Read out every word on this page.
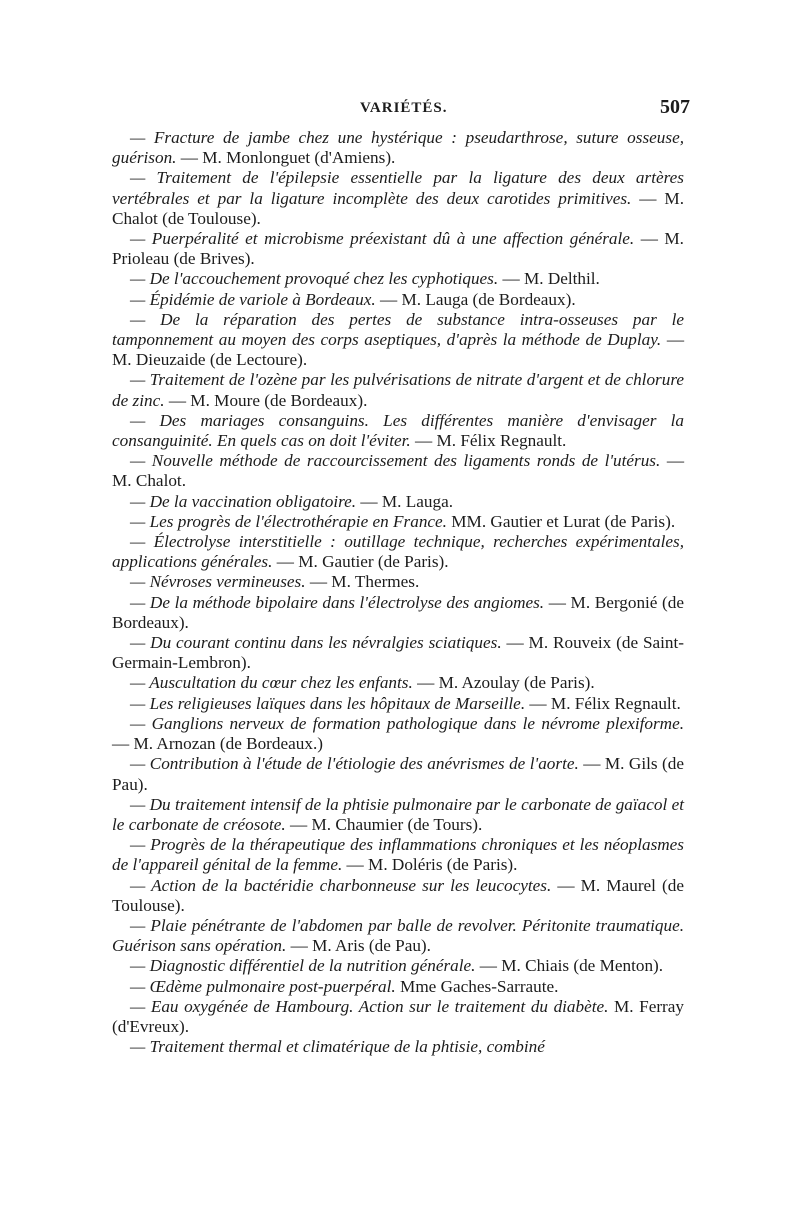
VARIÉTÉS.	507

— Fracture de jambe chez une hystérique : pseudarthrose, suture osseuse, guérison. — M. Monlonguet (d'Amiens).

— Traitement de l'épilepsie essentielle par la ligature des deux artères vertébrales et par la ligature incomplète des deux carotides primitives. — M. Chalot (de Toulouse).

— Puerpéralité et microbisme préexistant dû à une affection générale. — M. Prioleau (de Brives).

— De l'accouchement provoqué chez les cyphotiques. — M. Delthil.

— Épidémie de variole à Bordeaux. — M. Lauga (de Bordeaux).

— De la réparation des pertes de substance intra-osseuses par le tamponnement au moyen des corps aseptiques, d'après la méthode de Duplay. — M. Dieuzaide (de Lectoure).

— Traitement de l'ozène par les pulvérisations de nitrate d'argent et de chlorure de zinc. — M. Moure (de Bordeaux).

— Des mariages consanguins. Les différentes manière d'envisager la consanguinité. En quels cas on doit l'éviter. — M. Félix Regnault.

— Nouvelle méthode de raccourcissement des ligaments ronds de l'utérus. — M. Chalot.

— De la vaccination obligatoire. — M. Lauga.

— Les progrès de l'électrothérapie en France. MM. Gautier et Lurat (de Paris).

— Électrolyse interstitielle : outillage technique, recherches expérimentales, applications générales. — M. Gautier (de Paris).

— Névroses vermineuses. — M. Thermes.

— De la méthode bipolaire dans l'électrolyse des angiomes. — M. Bergonié (de Bordeaux).

— Du courant continu dans les névralgies sciatiques. — M. Rouveix (de Saint-Germain-Lembron).

— Auscultation du cœur chez les enfants. — M. Azoulay (de Paris).

— Les religieuses laïques dans les hôpitaux de Marseille. — M. Félix Regnault.

— Ganglions nerveux de formation pathologique dans le névrome plexiforme. — M. Arnozan (de Bordeaux.)

— Contribution à l'étude de l'étiologie des anévrismes de l'aorte. — M. Gils (de Pau).

— Du traitement intensif de la phtisie pulmonaire par le carbonate de gaïacol et le carbonate de créosote. — M. Chaumier (de Tours).

— Progrès de la thérapeutique des inflammations chroniques et les néoplasmes de l'appareil génital de la femme. — M. Doléris (de Paris).

— Action de la bactéridie charbonneuse sur les leucocytes. — M. Maurel (de Toulouse).

— Plaie pénétrante de l'abdomen par balle de revolver. Péritonite traumatique. Guérison sans opération. — M. Aris (de Pau).

— Diagnostic différentiel de la nutrition générale. — M. Chiais (de Menton).

— Œdème pulmonaire post-puerpéral. Mme Gaches-Sarraute.

— Eau oxygénée de Hambourg. Action sur le traitement du diabète. M. Ferray (d'Evreux).

— Traitement thermal et climatérique de la phtisie, combiné
